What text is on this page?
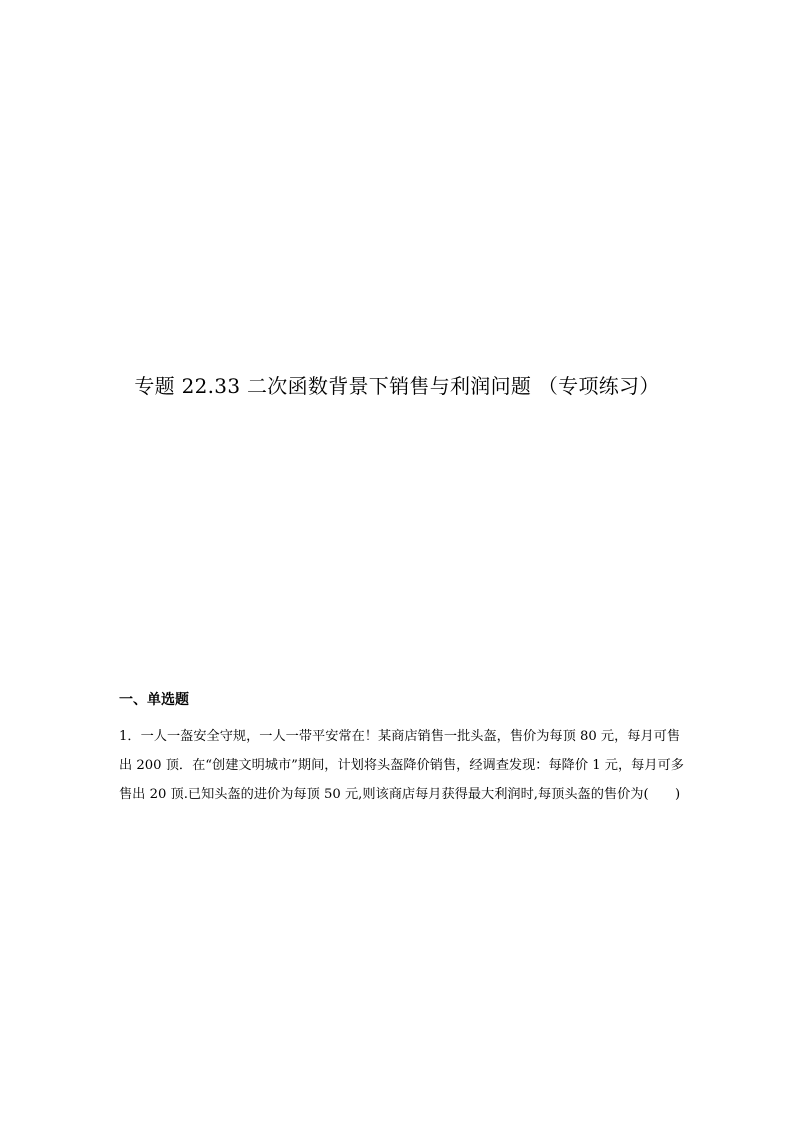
专题 22.33 二次函数背景下销售与利润问题 （专项练习）
一、单选题
1．一人一盔安全守规，一人一带平安常在！某商店销售一批头盔，售价为每顶 80 元，每月可售
出 200 顶．在“创建文明城市”期间，计划将头盔降价销售，经调查发现：每降价 1 元，每月可多
售出 20 顶.已知头盔的进价为每顶 50 元,则该商店每月获得最大利润时,每顶头盔的售价为(　　)
